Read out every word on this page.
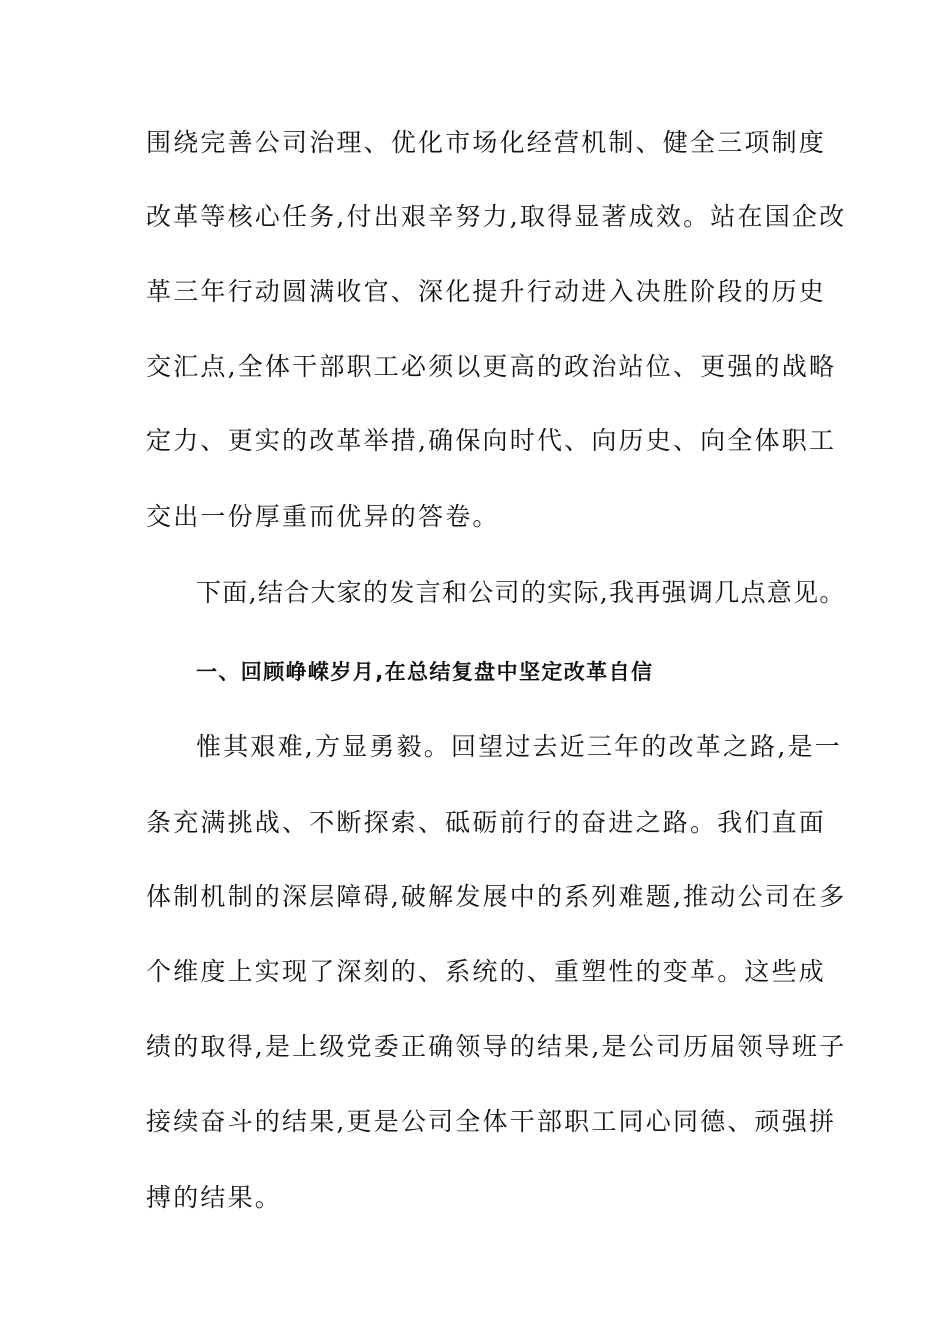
围绕完善公司治理、优化市场化经营机制、健全三项制度

改革等核心任务,付出艰辛努力,取得显著成效。站在国企改

革三年行动圆满收官、深化提升行动进入决胜阶段的历史

交汇点,全体干部职工必须以更高的政治站位、更强的战略

定力、更实的改革举措,确保向时代、向历史、向全体职工

交出一份厚重而优异的答卷。

下面,结合大家的发言和公司的实际,我再强调几点意见。

一、回顾峥嵘岁月,在总结复盘中坚定改革自信

惟其艰难,方显勇毅。回望过去近三年的改革之路,是一

条充满挑战、不断探索、砥砺前行的奋进之路。我们直面

体制机制的深层障碍,破解发展中的系列难题,推动公司在多

个维度上实现了深刻的、系统的、重塑性的变革。这些成

绩的取得,是上级党委正确领导的结果,是公司历届领导班子

接续奋斗的结果,更是公司全体干部职工同心同德、顽强拼

搏的结果。
